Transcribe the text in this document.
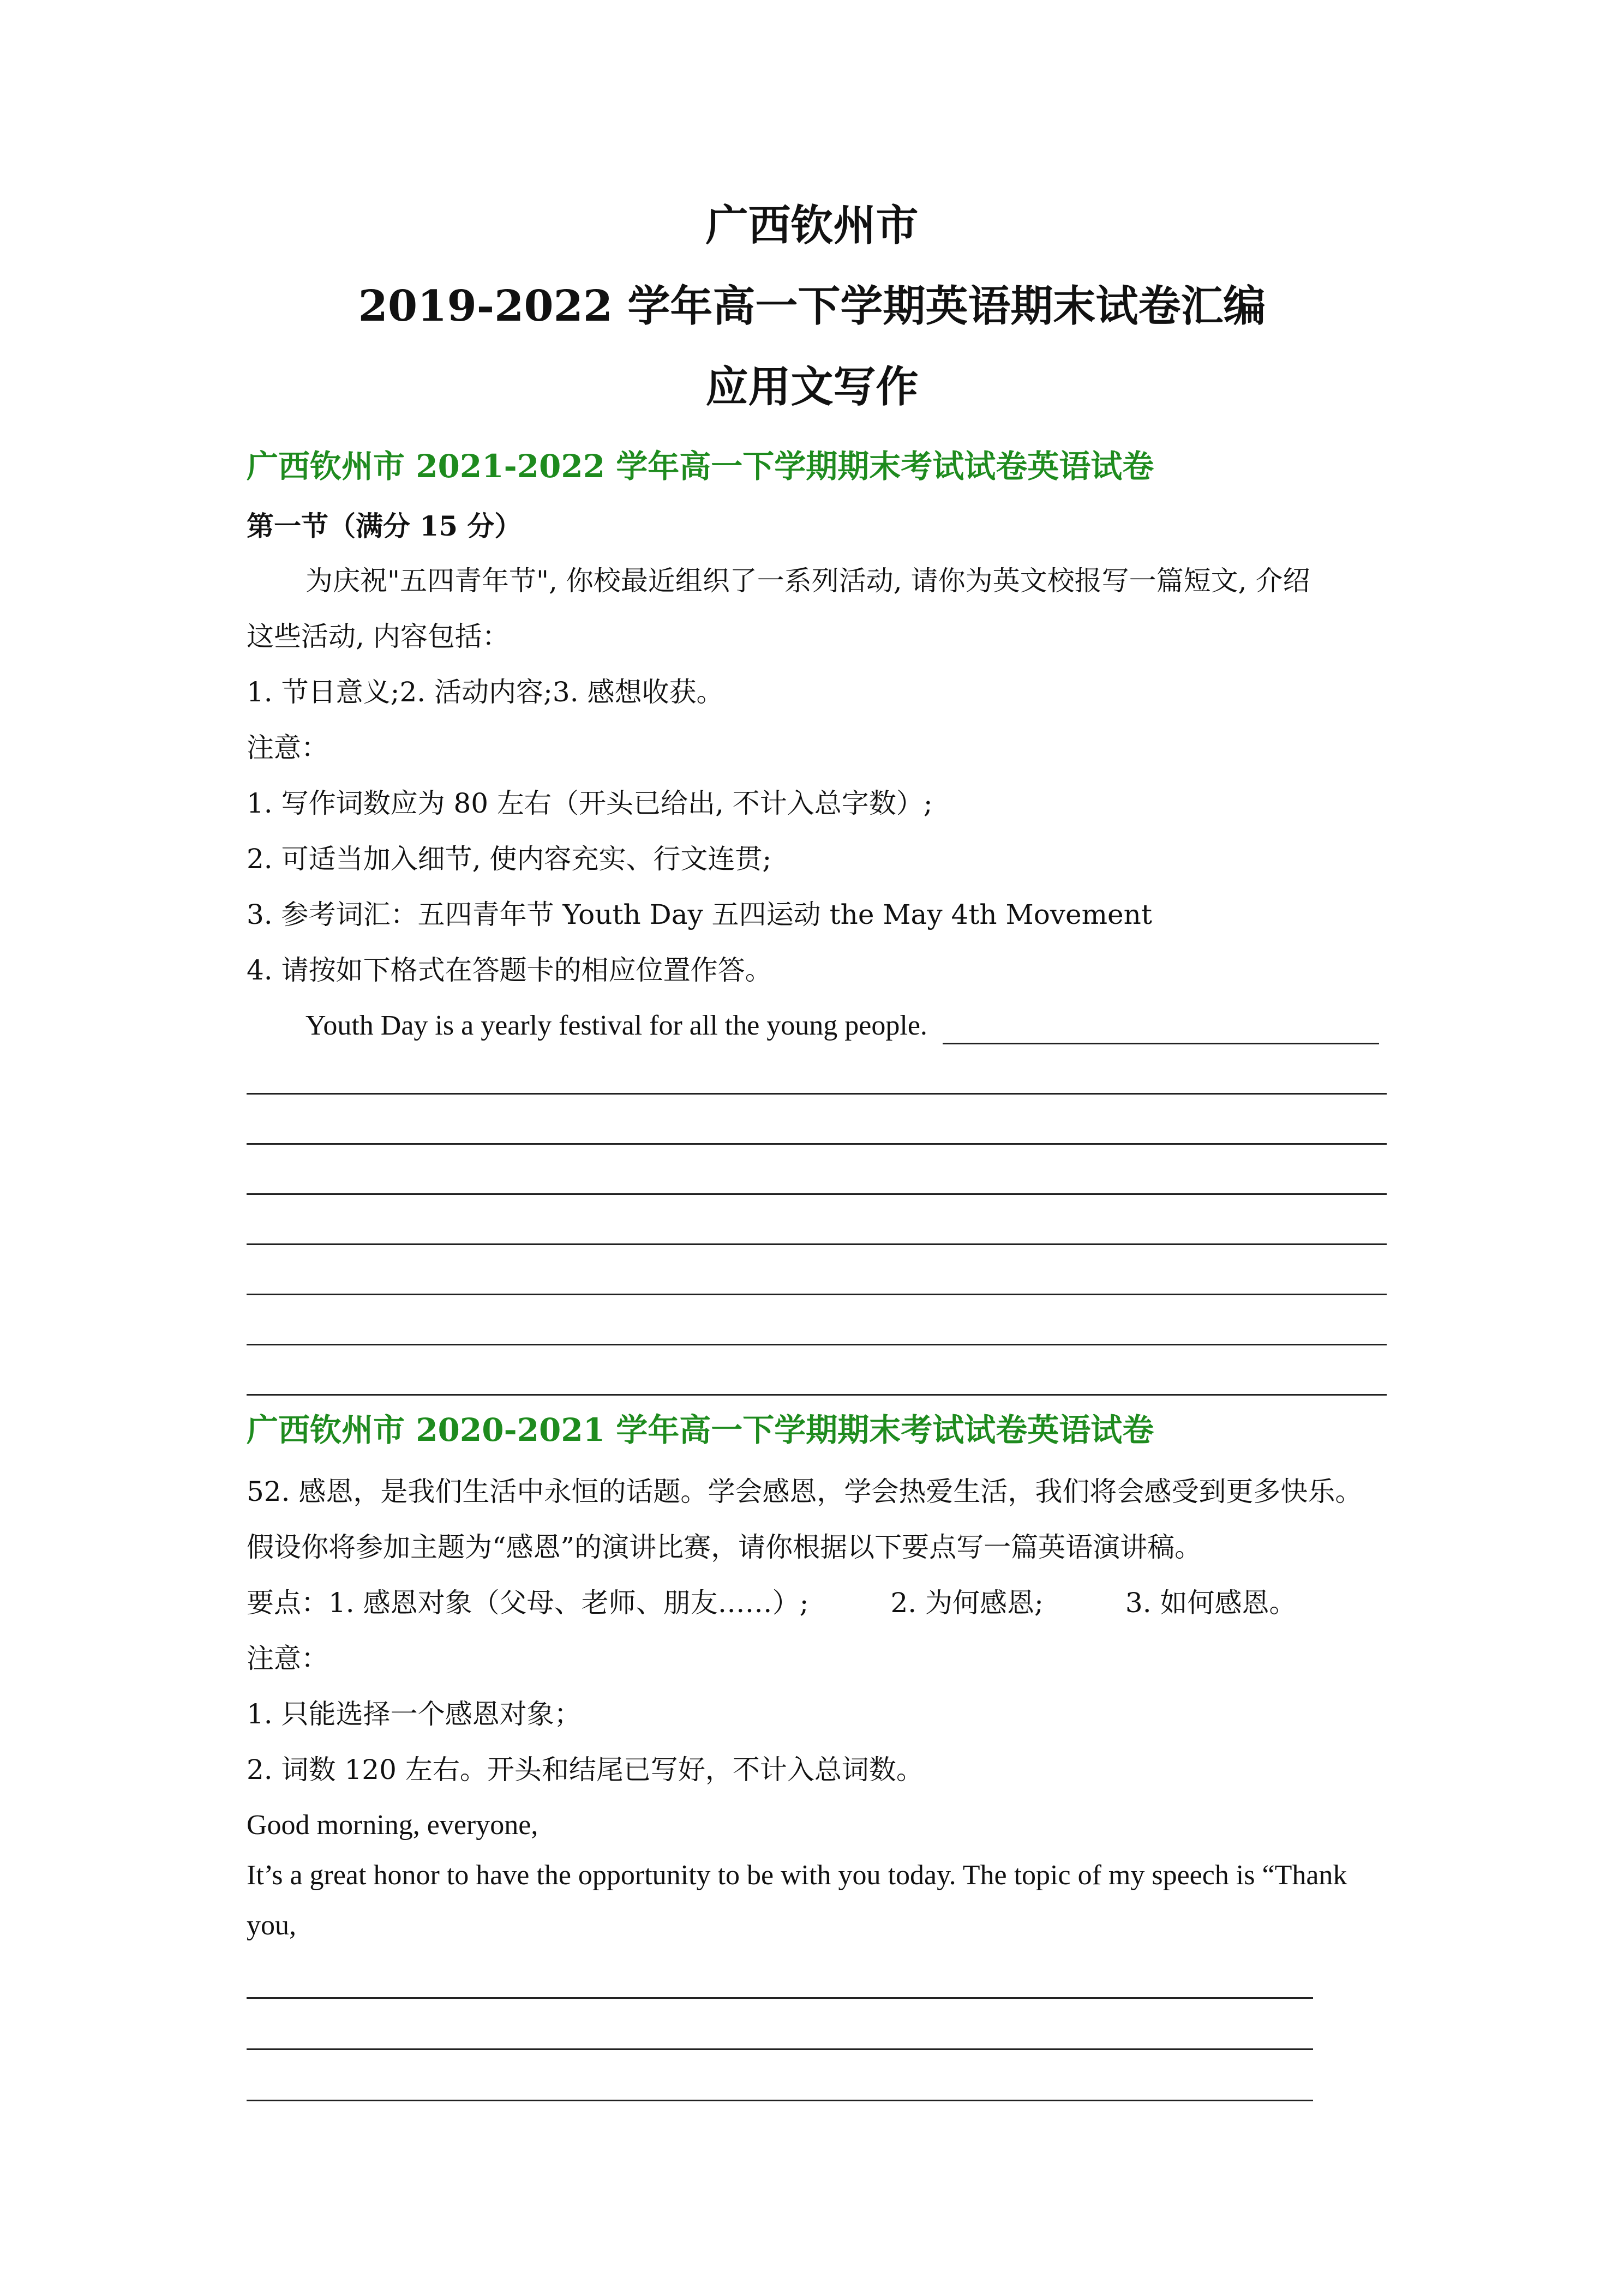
广西钦州市
2019-2022 学年高一下学期英语期末试卷汇编
应用文写作
广西钦州市 2021-2022 学年高一下学期期末考试试卷英语试卷
第一节（满分 15 分）
为庆祝"五四青年节", 你校最近组织了一系列活动, 请你为英文校报写一篇短文, 介绍
这些活动, 内容包括：
1. 节日意义;2. 活动内容;3. 感想收获。
注意：
1. 写作词数应为 80 左右（开头已给出, 不计入总字数）;
2. 可适当加入细节, 使内容充实、行文连贯;
3. 参考词汇：五四青年节 Youth Day 五四运动 the May 4th Movement
4. 请按如下格式在答题卡的相应位置作答。
Youth Day is a yearly festival for all the young people.
广西钦州市 2020-2021 学年高一下学期期末考试试卷英语试卷
52. 感恩，是我们生活中永恒的话题。学会感恩，学会热爱生活，我们将会感受到更多快乐。
假设你将参加主题为“感恩”的演讲比赛，请你根据以下要点写一篇英语演讲稿。
要点：1. 感恩对象（父母、老师、朋友……）;	2. 为何感恩;	3. 如何感恩。
注意：
1. 只能选择一个感恩对象；
2. 词数 120 左右。开头和结尾已写好，不计入总词数。
Good morning, everyone,
It’s a great honor to have the opportunity to be with you today. The topic of my speech is “Thank
you,
